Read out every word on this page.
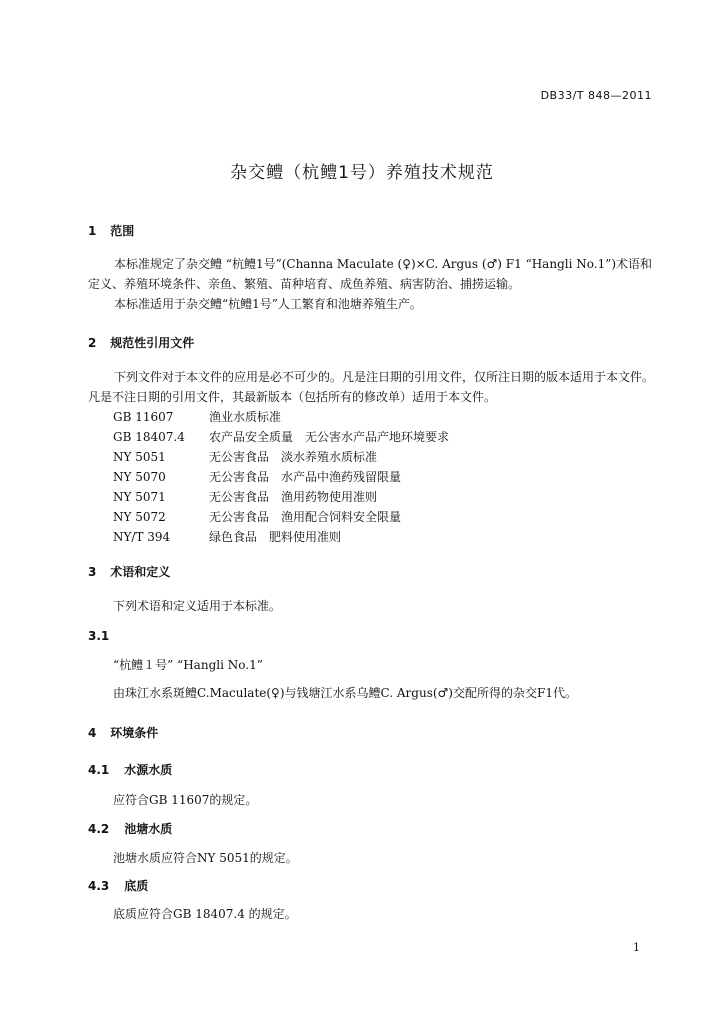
DB33/T 848—2011
杂交鳢（杭鳢1号）养殖技术规范
1 范围
本标准规定了杂交鳢 “杭鳢1号”(Channa Maculate (♀)×C. Argus (♂) F1 “Hangli No.1”)术语和定义、养殖环境条件、亲鱼、繁殖、苗种培育、成鱼养殖、病害防治、捕捞运输。
本标准适用于杂交鳢“杭鳢1号”人工繁育和池塘养殖生产。
2 规范性引用文件
下列文件对于本文件的应用是必不可少的。凡是注日期的引用文件，仅所注日期的版本适用于本文件。凡是不注日期的引用文件，其最新版本（包括所有的修改单）适用于本文件。
GB 11607	渔业水质标准
GB 18407.4	农产品安全质量　无公害水产品产地环境要求
NY 5051	无公害食品　淡水养殖水质标准
NY 5070	无公害食品　水产品中渔药残留限量
NY 5071	无公害食品　渔用药物使用准则
NY 5072	无公害食品　渔用配合饲料安全限量
NY/T 394	绿色食品　肥料使用准则
3 术语和定义
下列术语和定义适用于本标准。
3.1
“杭鳢１号” “Hangli No.1”
由珠江水系斑鳢C.Maculate(♀)与钱塘江水系乌鳢C. Argus(♂)交配所得的杂交F1代。
4 环境条件
4.1 水源水质
应符合GB 11607的规定。
4.2 池塘水质
池塘水质应符合NY 5051的规定。
4.3 底质
底质应符合GB 18407.4 的规定。
1
